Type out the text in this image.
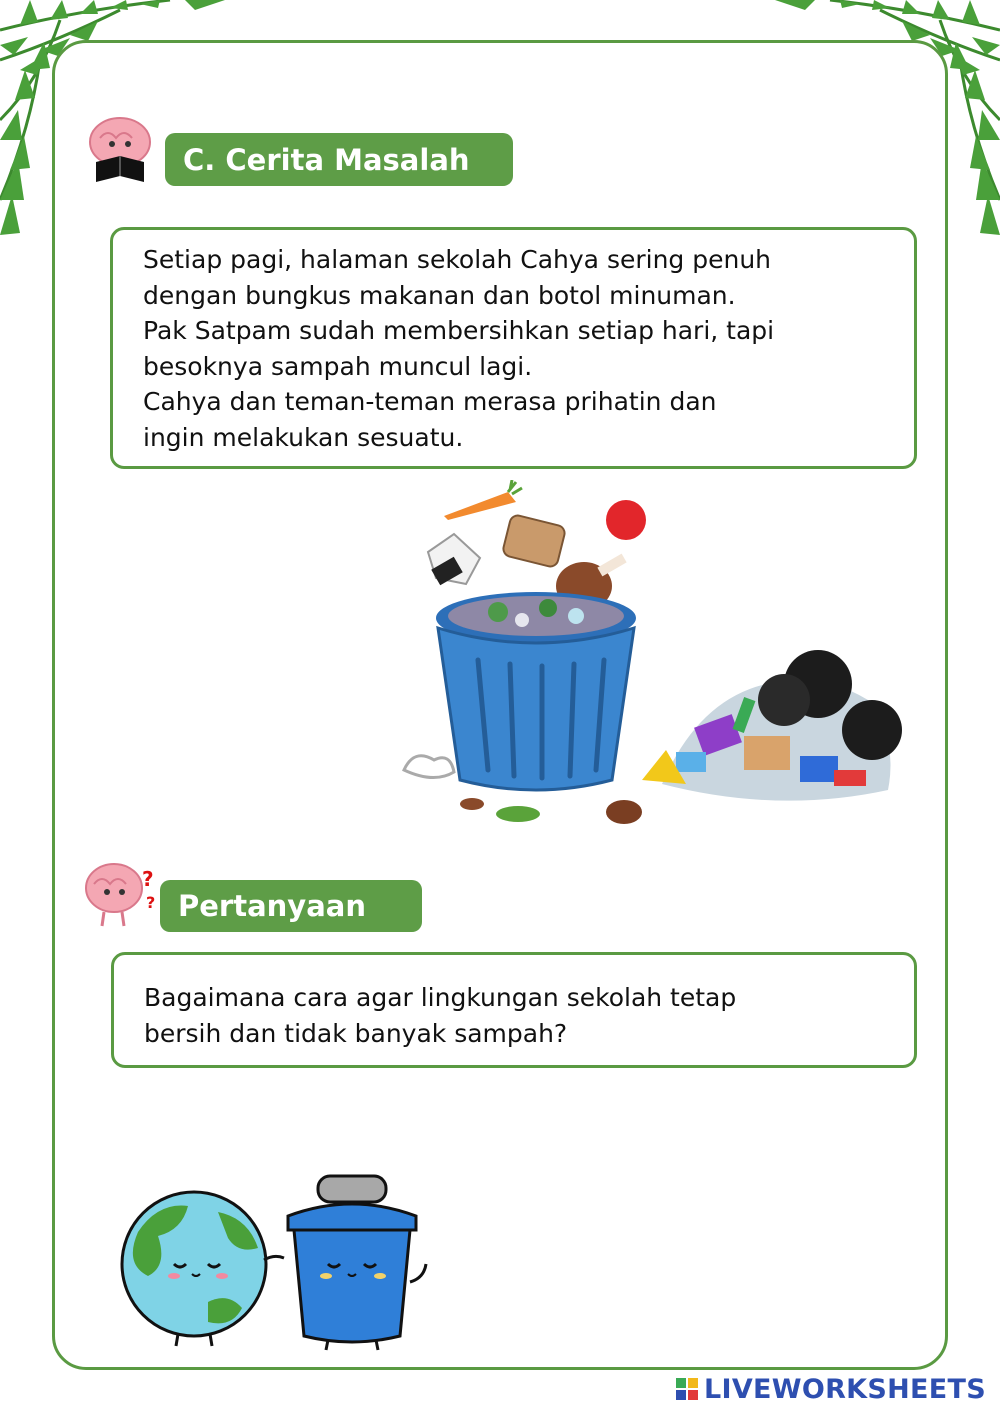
C. Cerita Masalah

Setiap pagi, halaman sekolah Cahya sering penuh

dengan bungkus makanan dan botol minuman.

Pak Satpam sudah membersihkan setiap hari, tapi

besoknya sampah muncul lagi.

Cahya dan teman-teman merasa prihatin dan

ingin melakukan sesuatu.

?
? Pertanyaan

Bagaimana cara agar lingkungan sekolah tetap

bersih dan tidak banyak sampah?

LIVEWORKSHEETS
